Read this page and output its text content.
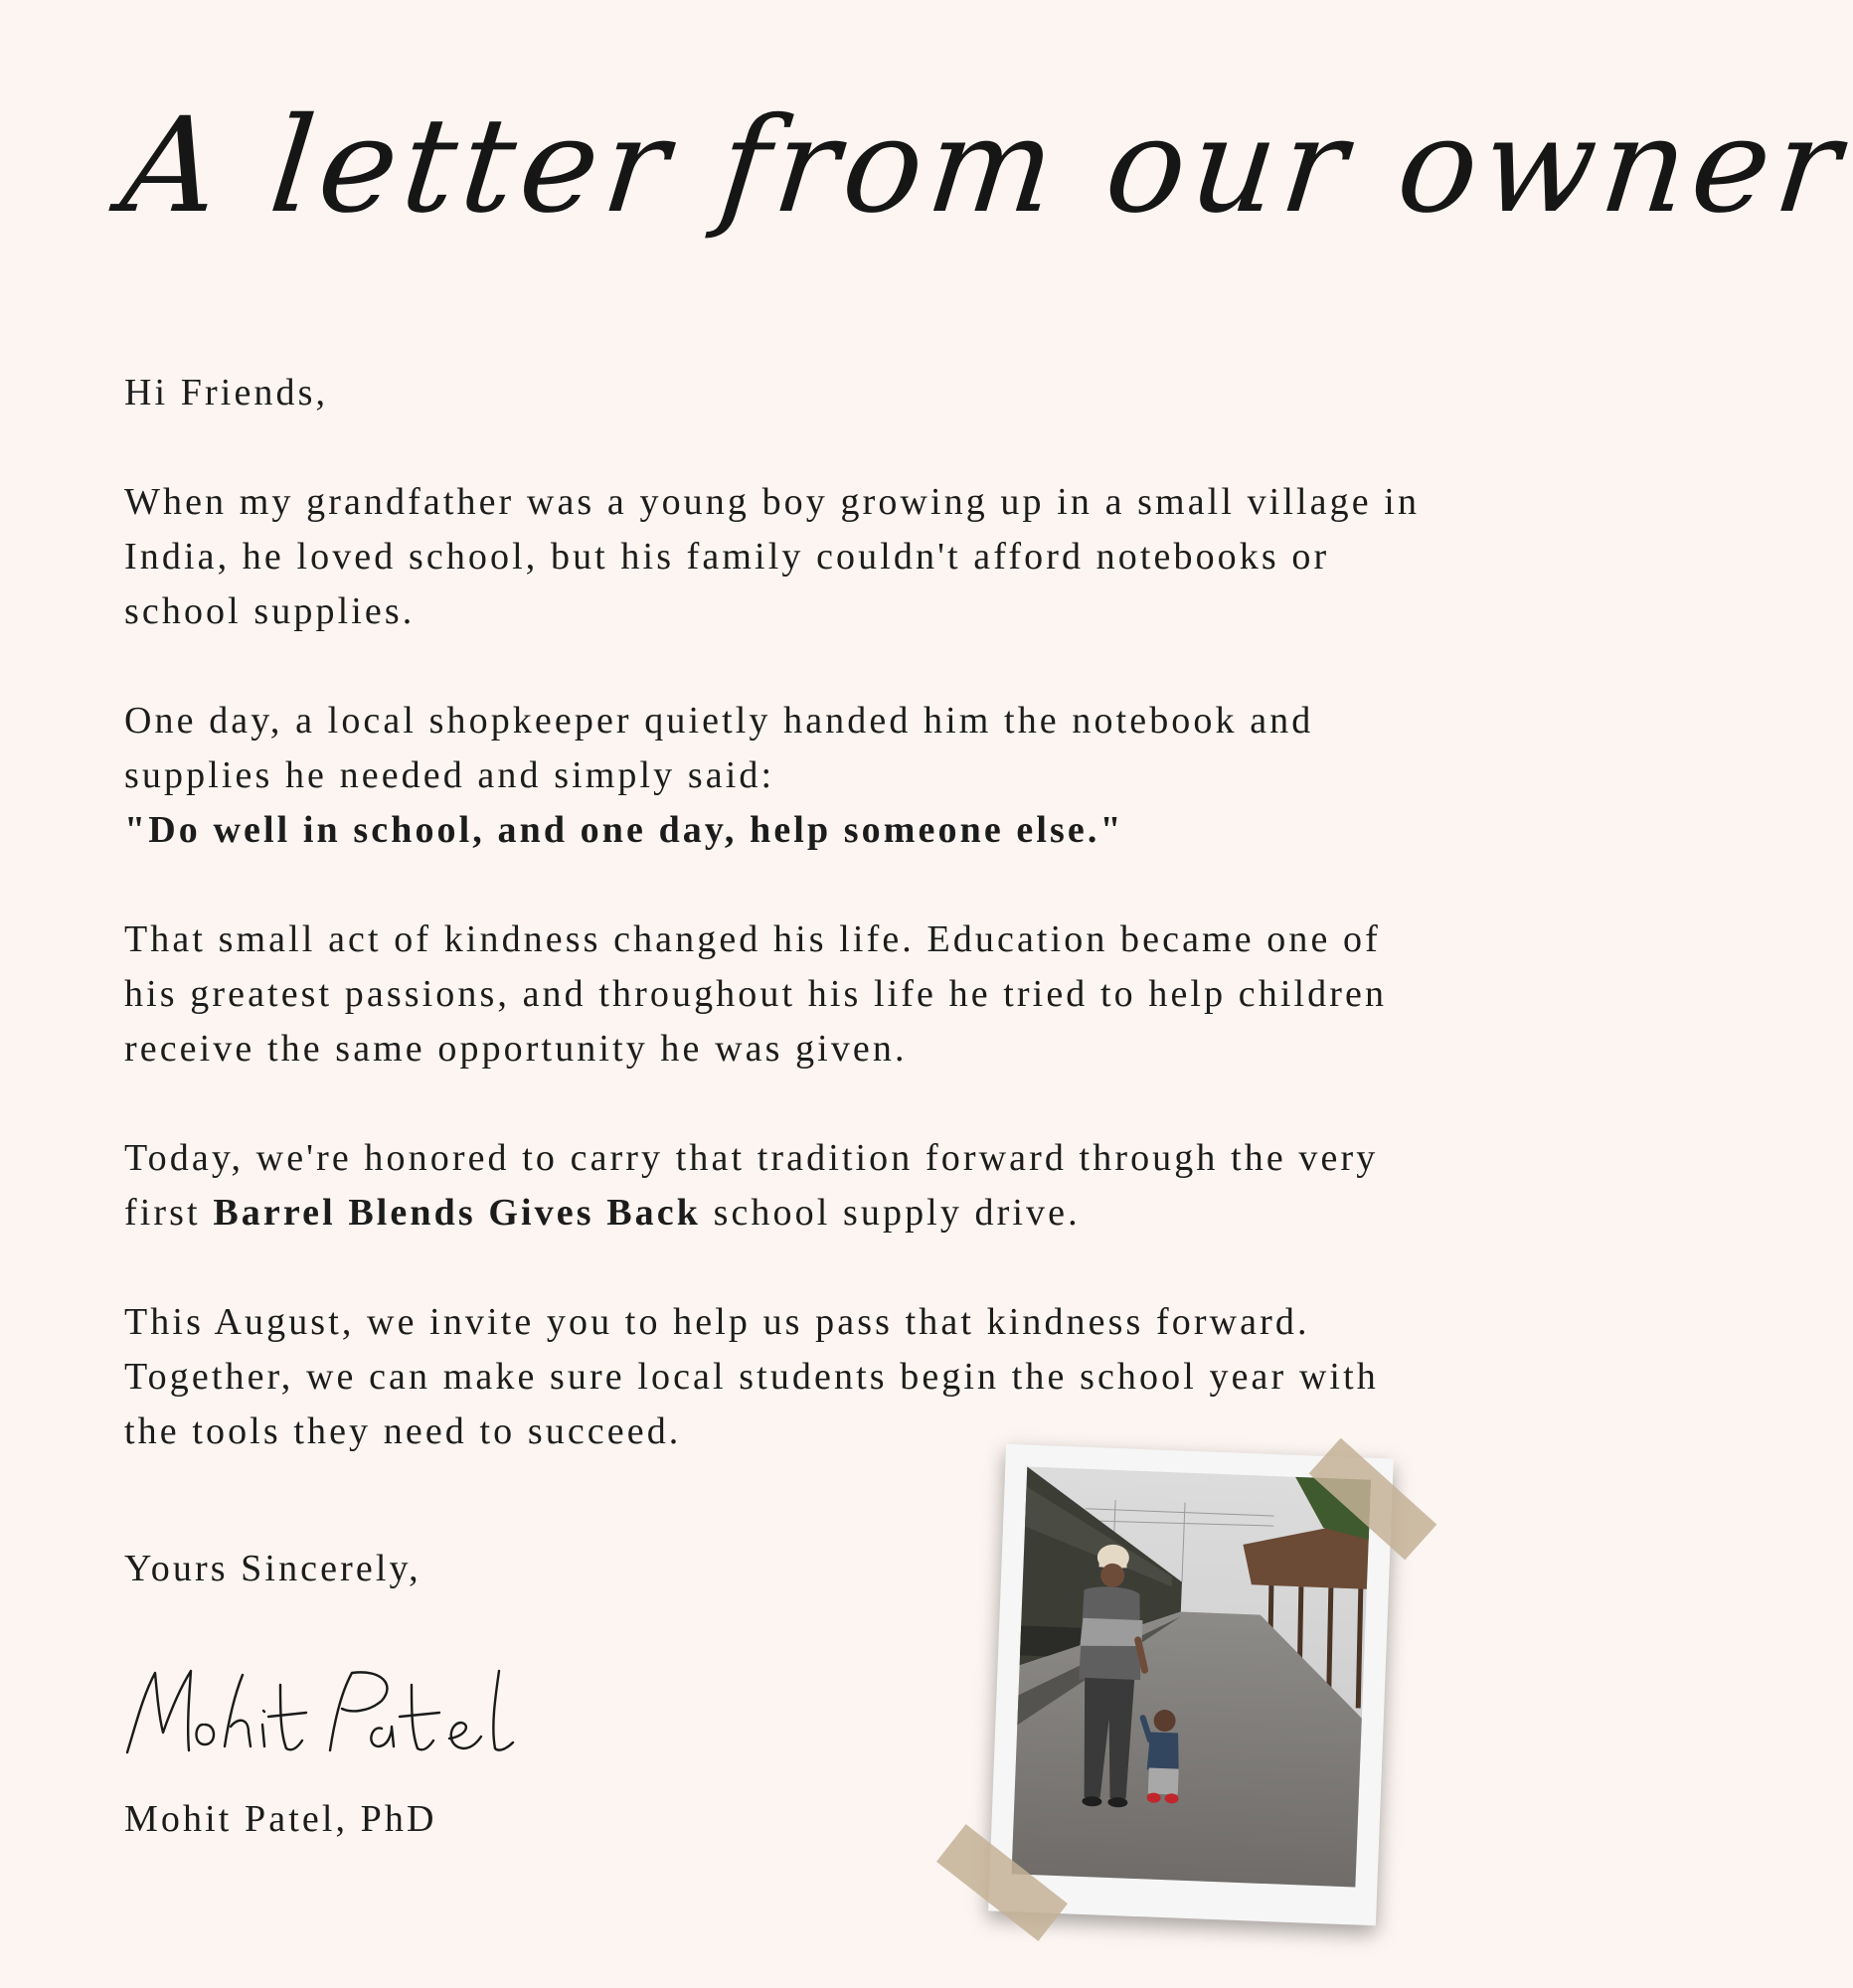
A letter from our owner

Hi Friends,

When my grandfather was a young boy growing up in a small village in India, he loved school, but his family couldn't afford notebooks or school supplies.

One day, a local shopkeeper quietly handed him the notebook and supplies he needed and simply said:
"Do well in school, and one day, help someone else."

That small act of kindness changed his life. Education became one of his greatest passions, and throughout his life he tried to help children receive the same opportunity he was given.

Today, we're honored to carry that tradition forward through the very first Barrel Blends Gives Back school supply drive.

This August, we invite you to help us pass that kindness forward. Together, we can make sure local students begin the school year with the tools they need to succeed.

Yours Sincerely,
Mohit Patel, PhD
